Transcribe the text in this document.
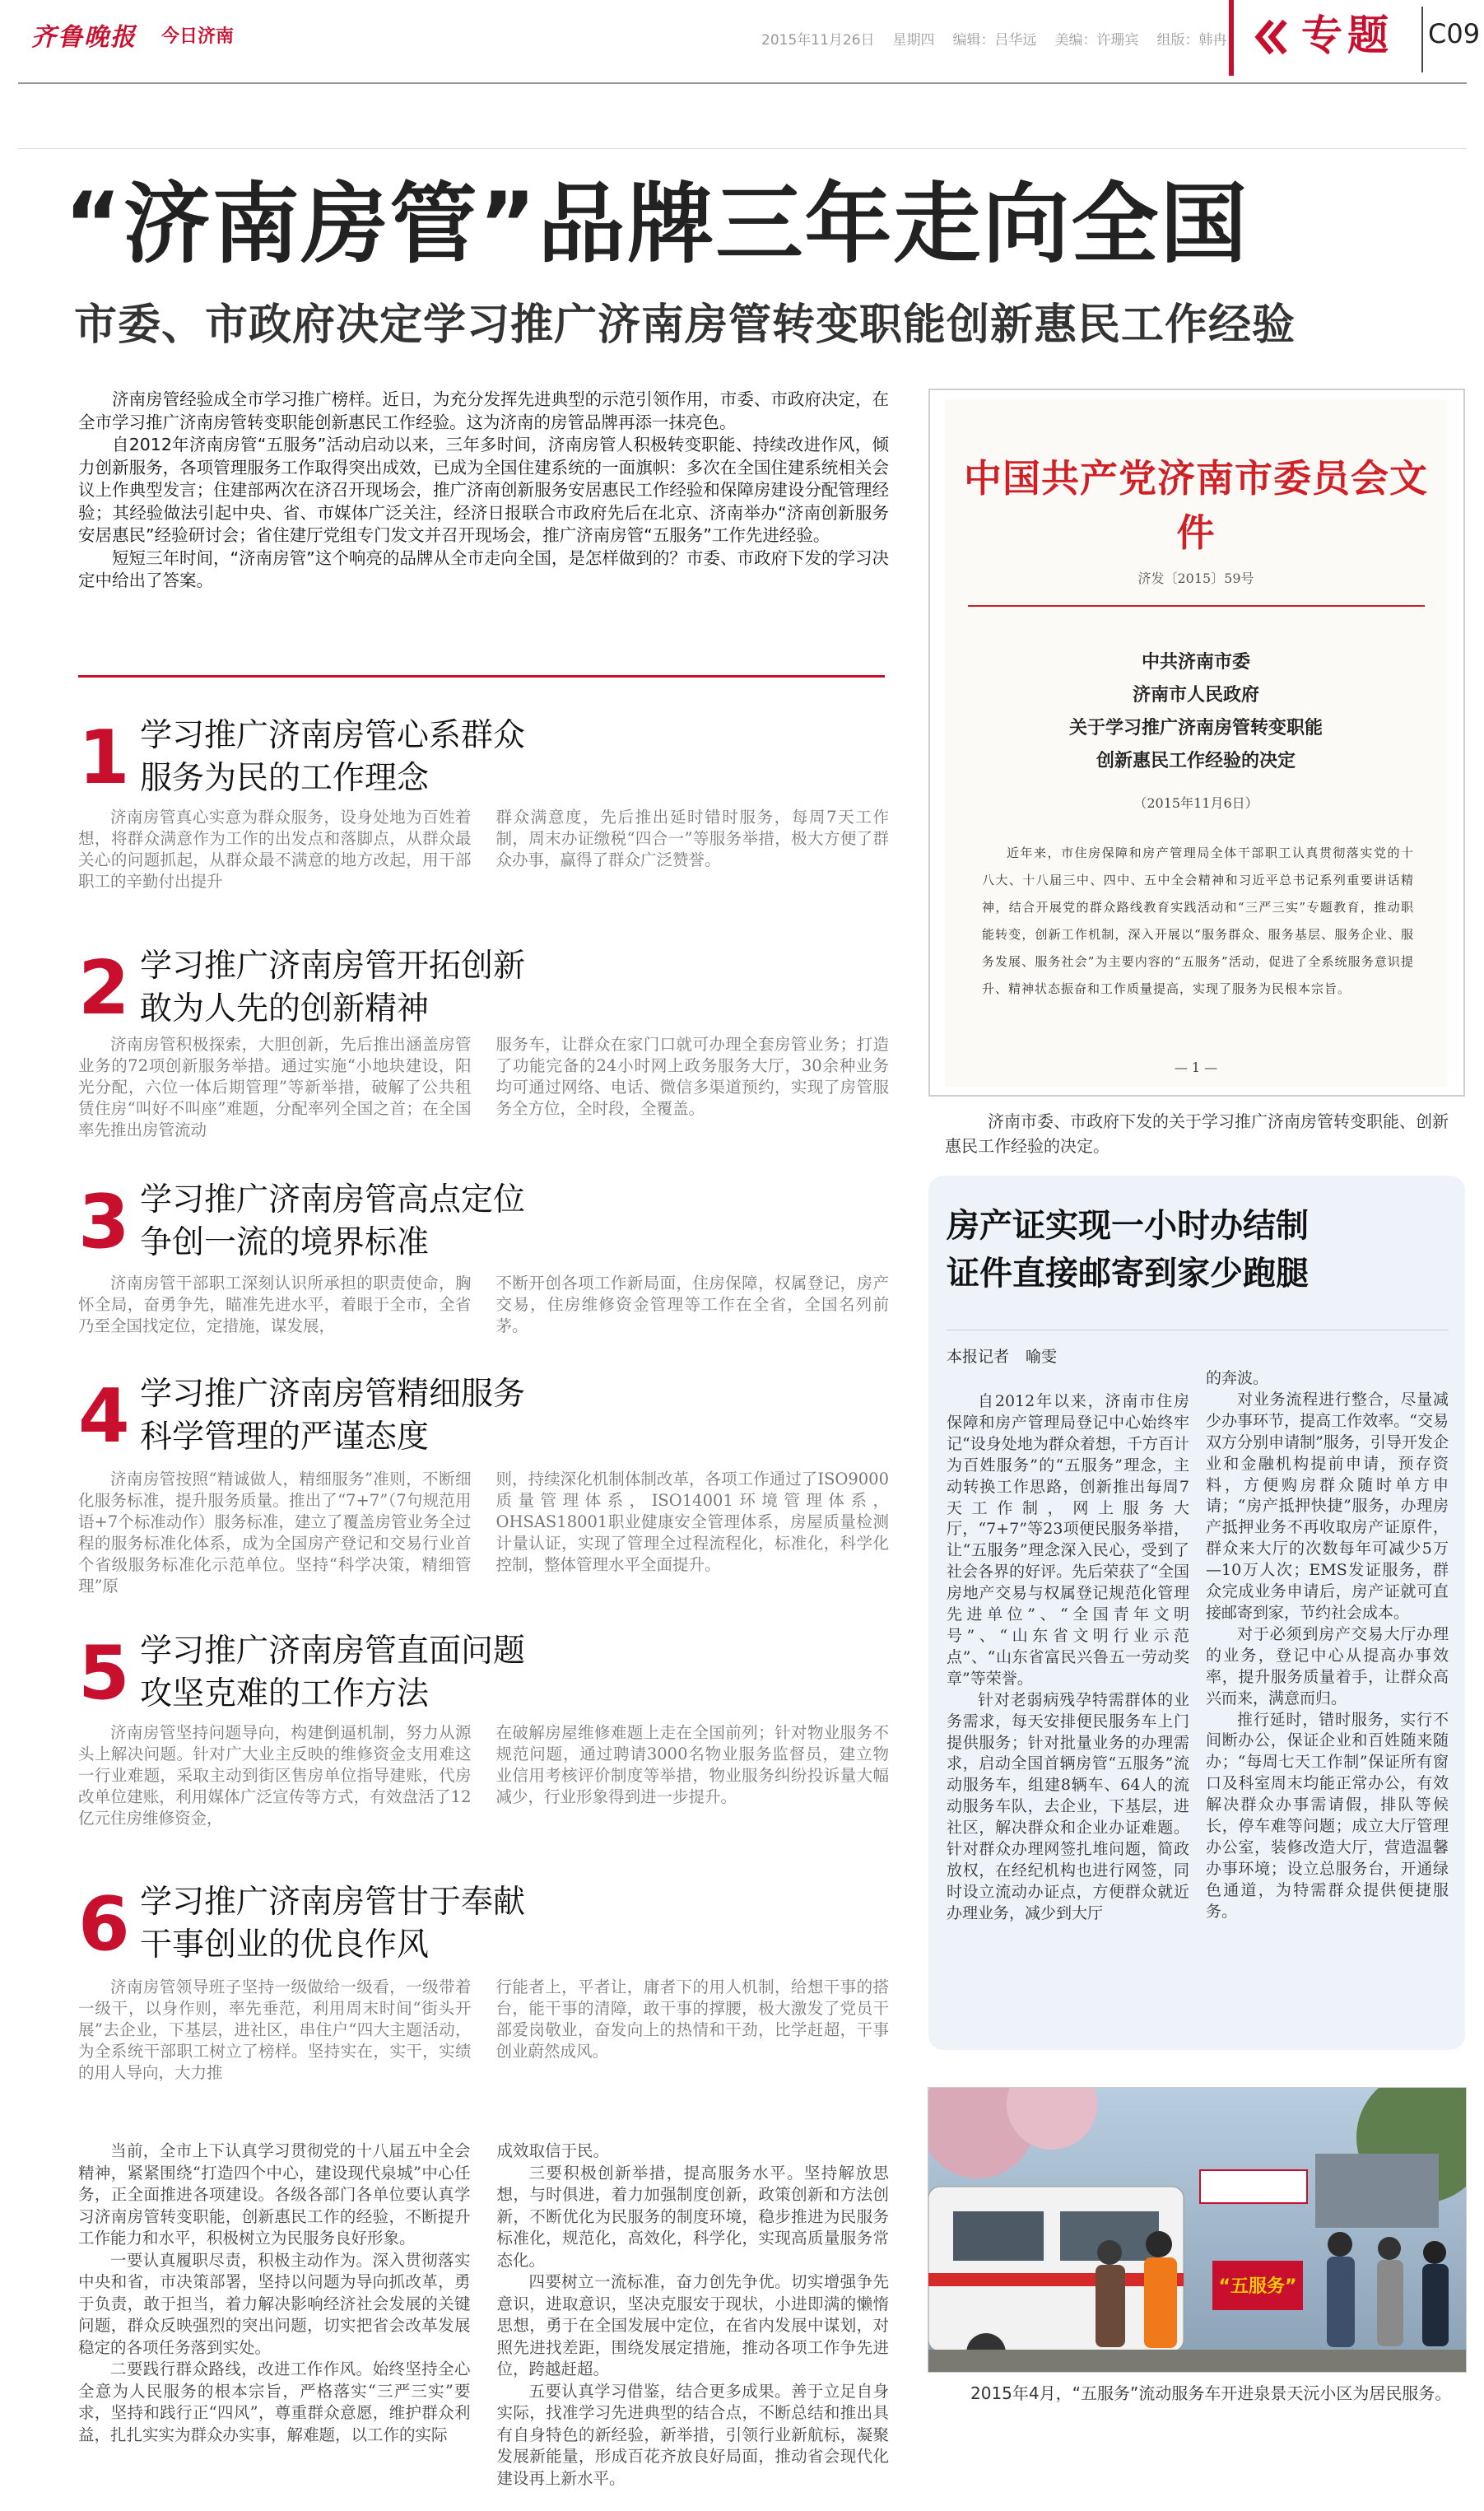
齐鲁晚报 今日济南	2015年11月26日 星期四 编辑：吕华远 美编：许珊宾 组版：韩冉 专题 C09
“济南房管”品牌三年走向全国
市委、市政府决定学习推广济南房管转变职能创新惠民工作经验

济南房管经验成全市学习推广榜样。近日，为充分发挥先进典型的示范引领作用，市委、市政府决定，在全市学习推广济南房管转变职能创新惠民工作经验。这为济南的房管品牌再添一抹亮色。

自2012年济南房管“五服务”活动启动以来，三年多时间，济南房管人积极转变职能、持续改进作风，倾力创新服务，各项管理服务工作取得突出成效，已成为全国住建系统的一面旗帜：多次在全国住建系统相关会议上作典型发言；住建部两次在济召开现场会，推广济南创新服务安居惠民工作经验和保障房建设分配管理经验；其经验做法引起中央、省、市媒体广泛关注，经济日报联合市政府先后在北京、济南举办“济南创新服务安居惠民”经验研讨会；省住建厅党组专门发文并召开现场会，推广济南房管“五服务”工作先进经验。

短短三年时间，“济南房管”这个响亮的品牌从全市走向全国，是怎样做到的？市委、市政府下发的学习决定中给出了答案。

1 学习推广济南房管心系群众
服务为民的工作理念

济南房管真心实意为群众服务，设身处地为百姓着想，将群众满意作为工作的出发点和落脚点，从群众最关心的问题抓起，从群众最不满意的地方改起，用干部职工的辛勤付出提升

群众满意度，先后推出延时错时服务，每周7天工作制，周末办证缴税“四合一”等服务举措，极大方便了群众办事，赢得了群众广泛赞誉。

2 学习推广济南房管开拓创新
敢为人先的创新精神

济南房管积极探索，大胆创新，先后推出涵盖房管业务的72项创新服务举措。通过实施“小地块建设，阳光分配，六位一体后期管理”等新举措，破解了公共租赁住房“叫好不叫座”难题，分配率列全国之首；在全国率先推出房管流动

服务车，让群众在家门口就可办理全套房管业务；打造了功能完备的24小时网上政务服务大厅，30余种业务均可通过网络、电话、微信多渠道预约，实现了房管服务全方位，全时段，全覆盖。

3 学习推广济南房管高点定位
争创一流的境界标准

济南房管干部职工深刻认识所承担的职责使命，胸怀全局，奋勇争先，瞄准先进水平，着眼于全市，全省乃至全国找定位，定措施，谋发展，

不断开创各项工作新局面，住房保障，权属登记，房产交易，住房维修资金管理等工作在全省，全国名列前茅。

4 学习推广济南房管精细服务
科学管理的严谨态度

济南房管按照“精诚做人，精细服务”准则，不断细化服务标准，提升服务质量。推出了“7+7”（7句规范用语+7个标准动作）服务标准，建立了覆盖房管业务全过程的服务标准化体系，成为全国房产登记和交易行业首个省级服务标准化示范单位。坚持“科学决策，精细管理”原

则，持续深化机制体制改革，各项工作通过了ISO9000质量管理体系，ISO14001环境管理体系，OHSAS18001职业健康安全管理体系，房屋质量检测计量认证，实现了管理全过程流程化，标准化，科学化控制，整体管理水平全面提升。

5 学习推广济南房管直面问题
攻坚克难的工作方法

济南房管坚持问题导向，构建倒逼机制，努力从源头上解决问题。针对广大业主反映的维修资金支用难这一行业难题，采取主动到街区售房单位指导建账，代房改单位建账，利用媒体广泛宣传等方式，有效盘活了12亿元住房维修资金，

在破解房屋维修难题上走在全国前列；针对物业服务不规范问题，通过聘请3000名物业服务监督员，建立物业信用考核评价制度等举措，物业服务纠纷投诉量大幅减少，行业形象得到进一步提升。

6 学习推广济南房管甘于奉献
干事创业的优良作风

济南房管领导班子坚持一级做给一级看，一级带着一级干，以身作则，率先垂范，利用周末时间“街头开展”去企业，下基层，进社区，串住户“四大主题活动，为全系统干部职工树立了榜样。坚持实在，实干，实绩的用人导向，大力推

行能者上，平者让，庸者下的用人机制，给想干事的搭台，能干事的清障，敢干事的撑腰，极大激发了党员干部爱岗敬业，奋发向上的热情和干劲，比学赶超，干事创业蔚然成风。

当前，全市上下认真学习贯彻党的十八届五中全会精神，紧紧围绕“打造四个中心，建设现代泉城”中心任务，正全面推进各项建设。各级各部门各单位要认真学习济南房管转变职能，创新惠民工作的经验，不断提升工作能力和水平，积极树立为民服务良好形象。

一要认真履职尽责，积极主动作为。深入贯彻落实中央和省，市决策部署，坚持以问题为导向抓改革，勇于负责，敢于担当，着力解决影响经济社会发展的关键问题，群众反映强烈的突出问题，切实把省会改革发展稳定的各项任务落到实处。

二要践行群众路线，改进工作作风。始终坚持全心全意为人民服务的根本宗旨，严格落实“三严三实”要求，坚持和践行正“四风”，尊重群众意愿，维护群众利益，扎扎实实为群众办实事，解难题，以工作的实际

成效取信于民。

三要积极创新举措，提高服务水平。坚持解放思想，与时俱进，着力加强制度创新，政策创新和方法创新，不断优化为民服务的制度环境，稳步推进为民服务标准化，规范化，高效化，科学化，实现高质量服务常态化。

四要树立一流标准，奋力创先争优。切实增强争先意识，进取意识，坚决克服安于现状，小进即满的懒惰思想，勇于在全国发展中定位，在省内发展中谋划，对照先进找差距，围绕发展定措施，推动各项工作争先进位，跨越赶超。

五要认真学习借鉴，结合更多成果。善于立足自身实际，找准学习先进典型的结合点，不断总结和推出具有自身特色的新经验，新举措，引领行业新航标，凝聚发展新能量，形成百花齐放良好局面，推动省会现代化建设再上新水平。

中国共产党济南市委员会文件
济发〔2015〕59号
中共济南市委
济南市人民政府
关于学习推广济南房管转变职能
创新惠民工作经验的决定
（2015年11月6日）
近年来，市住房保障和房产管理局全体干部职工认真贯彻落实党的十八大、十八届三中、四中、五中全会精神和习近平总书记系列重要讲话精神，结合开展党的群众路线教育实践活动和“三严三实”专题教育，推动职能转变，创新工作机制，深入开展以“服务群众、服务基层、服务企业、服务发展、服务社会”为主要内容的“五服务”活动，促进了全系统服务意识提升、精神状态振奋和工作质量提高，实现了服务为民根本宗旨。
— 1 —
济南市委、市政府下发的关于学习推广济南房管转变职能、创新惠民工作经验的决定。
房产证实现一小时办结制
证件直接邮寄到家少跑腿
本报记者 喻雯

自2012年以来，济南市住房保障和房产管理局登记中心始终牢记“设身处地为群众着想，千方百计为百姓服务”的“五服务”理念，主动转换工作思路，创新推出每周7天工作制，网上服务大厅，“7+7”等23项便民服务举措，让“五服务”理念深入民心，受到了社会各界的好评。先后荣获了“全国房地产交易与权属登记规范化管理先进单位”、“全国青年文明号”、“山东省文明行业示范点”、“山东省富民兴鲁五一劳动奖章”等荣誉。

针对老弱病残孕特需群体的业务需求，每天安排便民服务车上门提供服务；针对批量业务的办理需求，启动全国首辆房管“五服务”流动服务车，组建8辆车、64人的流动服务车队，去企业，下基层，进社区，解决群众和企业办证难题。针对群众办理网签扎堆问题，简政放权，在经纪机构也进行网签，同时设立流动办证点，方便群众就近办理业务，减少到大厅

的奔波。

对业务流程进行整合，尽量减少办事环节，提高工作效率。“交易双方分别申请制”服务，引导开发企业和金融机构提前申请，预存资料，方便购房群众随时单方申请；“房产抵押快捷”服务，办理房产抵押业务不再收取房产证原件，群众来大厅的次数每年可减少5万—10万人次；EMS发证服务，群众完成业务申请后，房产证就可直接邮寄到家，节约社会成本。

对于必须到房产交易大厅办理的业务，登记中心从提高办事效率，提升服务质量着手，让群众高兴而来，满意而归。

推行延时，错时服务，实行不间断办公，保证企业和百姓随来随办；“每周七天工作制”保证所有窗口及科室周末均能正常办公，有效解决群众办事需请假，排队等候长，停车难等问题；成立大厅管理办公室，装修改造大厅，营造温馨办事环境；设立总服务台，开通绿色通道，为特需群众提供便捷服务。

“五服务”
2015年4月，“五服务”流动服务车开进泉景天沅小区为居民服务。
